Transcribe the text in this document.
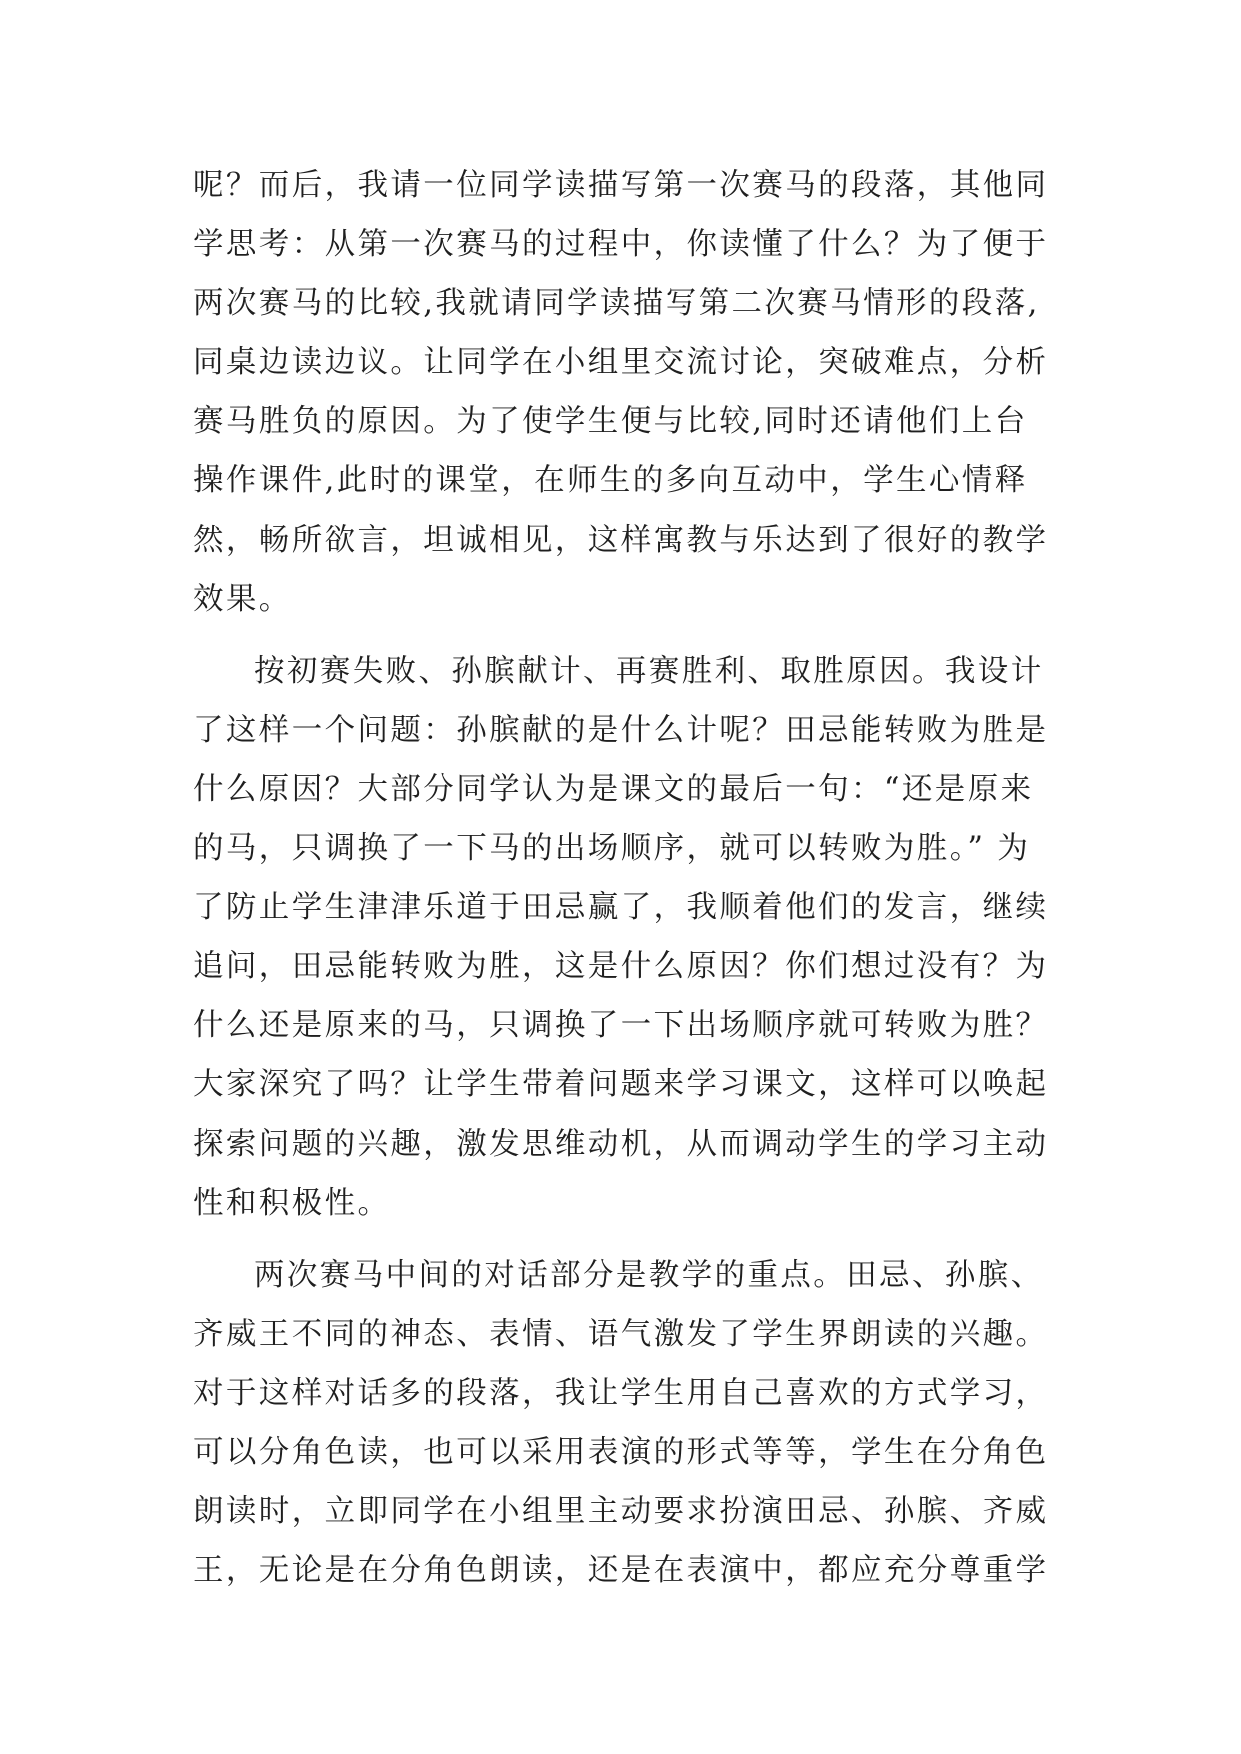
呢？而后，我请一位同学读描写第一次赛马的段落，其他同
学思考：从第一次赛马的过程中，你读懂了什么？为了便于
两次赛马的比较,我就请同学读描写第二次赛马情形的段落,
同桌边读边议。让同学在小组里交流讨论，突破难点，分析
赛马胜负的原因。为了使学生便与比较,同时还请他们上台
操作课件,此时的课堂，在师生的多向互动中，学生心情释
然，畅所欲言，坦诚相见，这样寓教与乐达到了很好的教学
效果。
按初赛失败、孙膑献计、再赛胜利、取胜原因。我设计
了这样一个问题：孙膑献的是什么计呢？田忌能转败为胜是
什么原因？大部分同学认为是课文的最后一句：“还是原来
的马，只调换了一下马的出场顺序，就可以转败为胜。” 为
了防止学生津津乐道于田忌赢了，我顺着他们的发言，继续
追问，田忌能转败为胜，这是什么原因？你们想过没有？为
什么还是原来的马，只调换了一下出场顺序就可转败为胜？
大家深究了吗？让学生带着问题来学习课文，这样可以唤起
探索问题的兴趣，激发思维动机，从而调动学生的学习主动
性和积极性。
两次赛马中间的对话部分是教学的重点。田忌、孙膑、
齐威王不同的神态、表情、语气激发了学生界朗读的兴趣。
对于这样对话多的段落，我让学生用自己喜欢的方式学习，
可以分角色读，也可以采用表演的形式等等，学生在分角色
朗读时，立即同学在小组里主动要求扮演田忌、孙膑、齐威
王，无论是在分角色朗读，还是在表演中，都应充分尊重学
